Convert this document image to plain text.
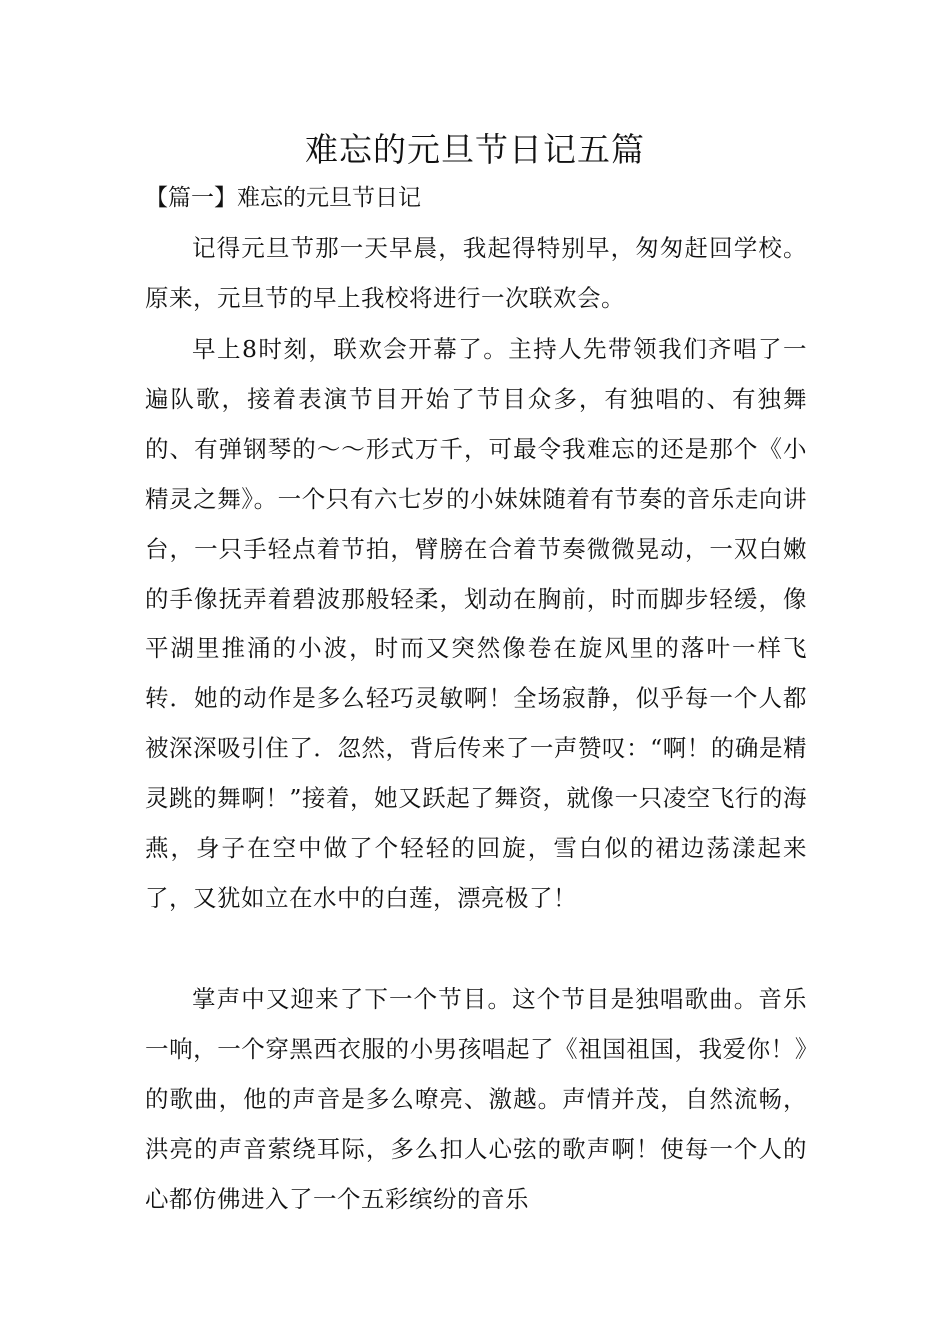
难忘的元旦节日记五篇
【篇一】难忘的元旦节日记

记得元旦节那一天早晨，我起得特别早，匆匆赶回学校。原来，元旦节的早上我校将进行一次联欢会。

早上8时刻，联欢会开幕了。主持人先带领我们齐唱了一遍队歌，接着表演节目开始了节目众多，有独唱的、有独舞的、有弹钢琴的～～形式万千，可最令我难忘的还是那个《小精灵之舞》。一个只有六七岁的小妹妹随着有节奏的音乐走向讲台，一只手轻点着节拍，臂膀在合着节奏微微晃动，一双白嫩的手像抚弄着碧波那般轻柔，划动在胸前，时而脚步轻缓，像平湖里推涌的小波，时而又突然像卷在旋风里的落叶一样飞转．她的动作是多么轻巧灵敏啊！全场寂静，似乎每一个人都被深深吸引住了．忽然，背后传来了一声赞叹：“啊！的确是精灵跳的舞啊！”接着，她又跃起了舞资，就像一只凌空飞行的海燕，身子在空中做了个轻轻的回旋，雪白似的裙边荡漾起来了，又犹如立在水中的白莲，漂亮极了！

掌声中又迎来了下一个节目。这个节目是独唱歌曲。音乐一响，一个穿黑西衣服的小男孩唱起了《祖国祖国，我爱你！》的歌曲，他的声音是多么嘹亮、激越。声情并茂，自然流畅，洪亮的声音萦绕耳际，多么扣人心弦的歌声啊！使每一个人的心都仿佛进入了一个五彩缤纷的音乐
